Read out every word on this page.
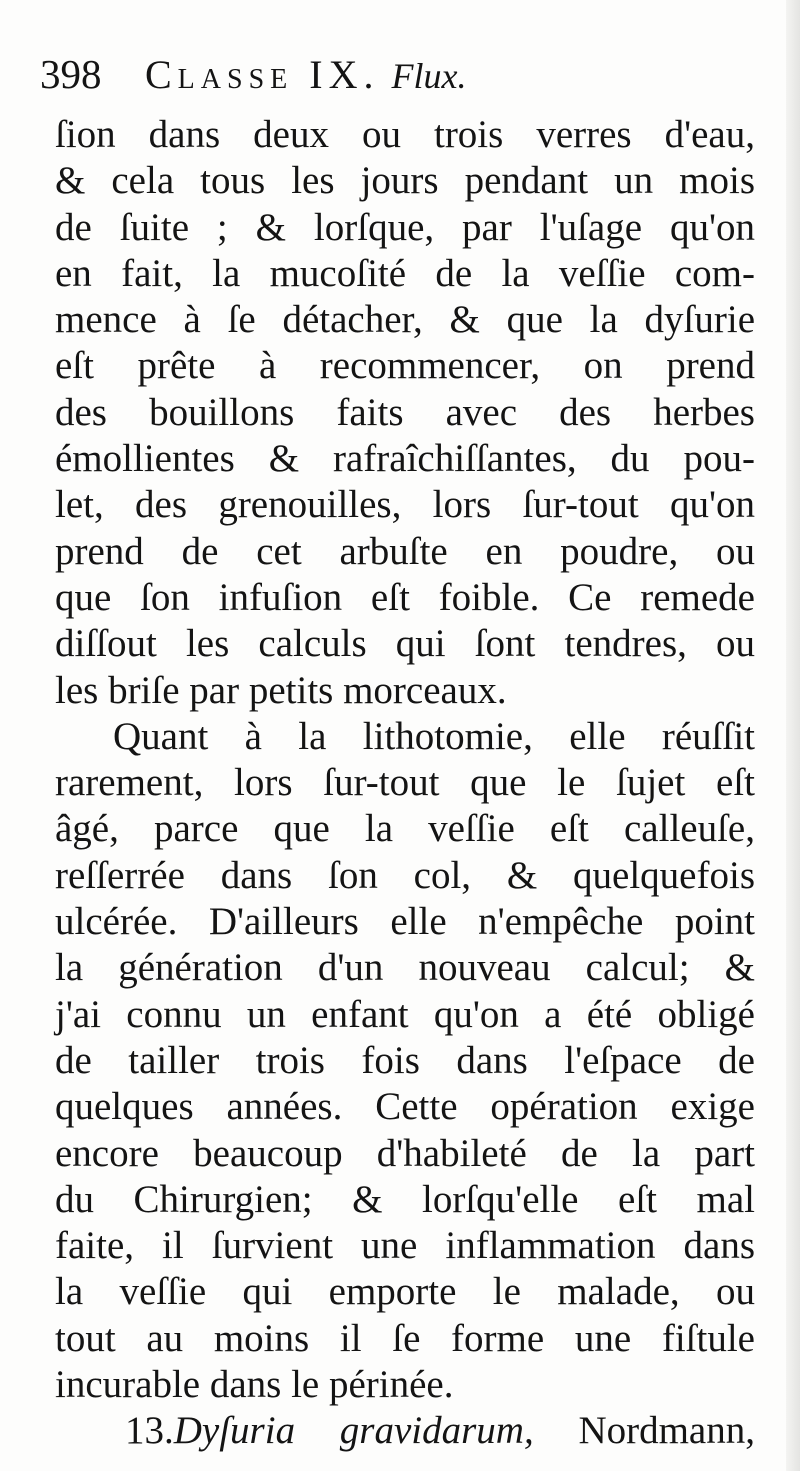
398 Classe IX. Flux.
ſion dans deux ou trois verres d'eau,
& cela tous les jours pendant un mois
de ſuite ; & lorſque, par l'uſage qu'on
en fait, la mucoſité de la veſſie com-
mence à ſe détacher, & que la dyſurie
eſt prête à recommencer, on prend
des bouillons faits avec des herbes
émollientes & rafraîchiſſantes, du pou-
let, des grenouilles, lors ſur-tout qu'on
prend de cet arbuſte en poudre, ou
que ſon infuſion eſt foible. Ce remede
diſſout les calculs qui ſont tendres, ou
les briſe par petits morceaux.
Quant à la lithotomie, elle réuſſit
rarement, lors ſur-tout que le ſujet eſt
âgé, parce que la veſſie eſt calleuſe,
reſſerrée dans ſon col, & quelquefois
ulcérée. D'ailleurs elle n'empêche point
la génération d'un nouveau calcul; &
j'ai connu un enfant qu'on a été obligé
de tailler trois fois dans l'eſpace de
quelques années. Cette opération exige
encore beaucoup d'habileté de la part
du Chirurgien; & lorſqu'elle eſt mal
faite, il ſurvient une inflammation dans
la veſſie qui emporte le malade, ou
tout au moins il ſe forme une fiſtule
incurable dans le périnée.
13.Dyſuria gravidarum, Nordmann,
